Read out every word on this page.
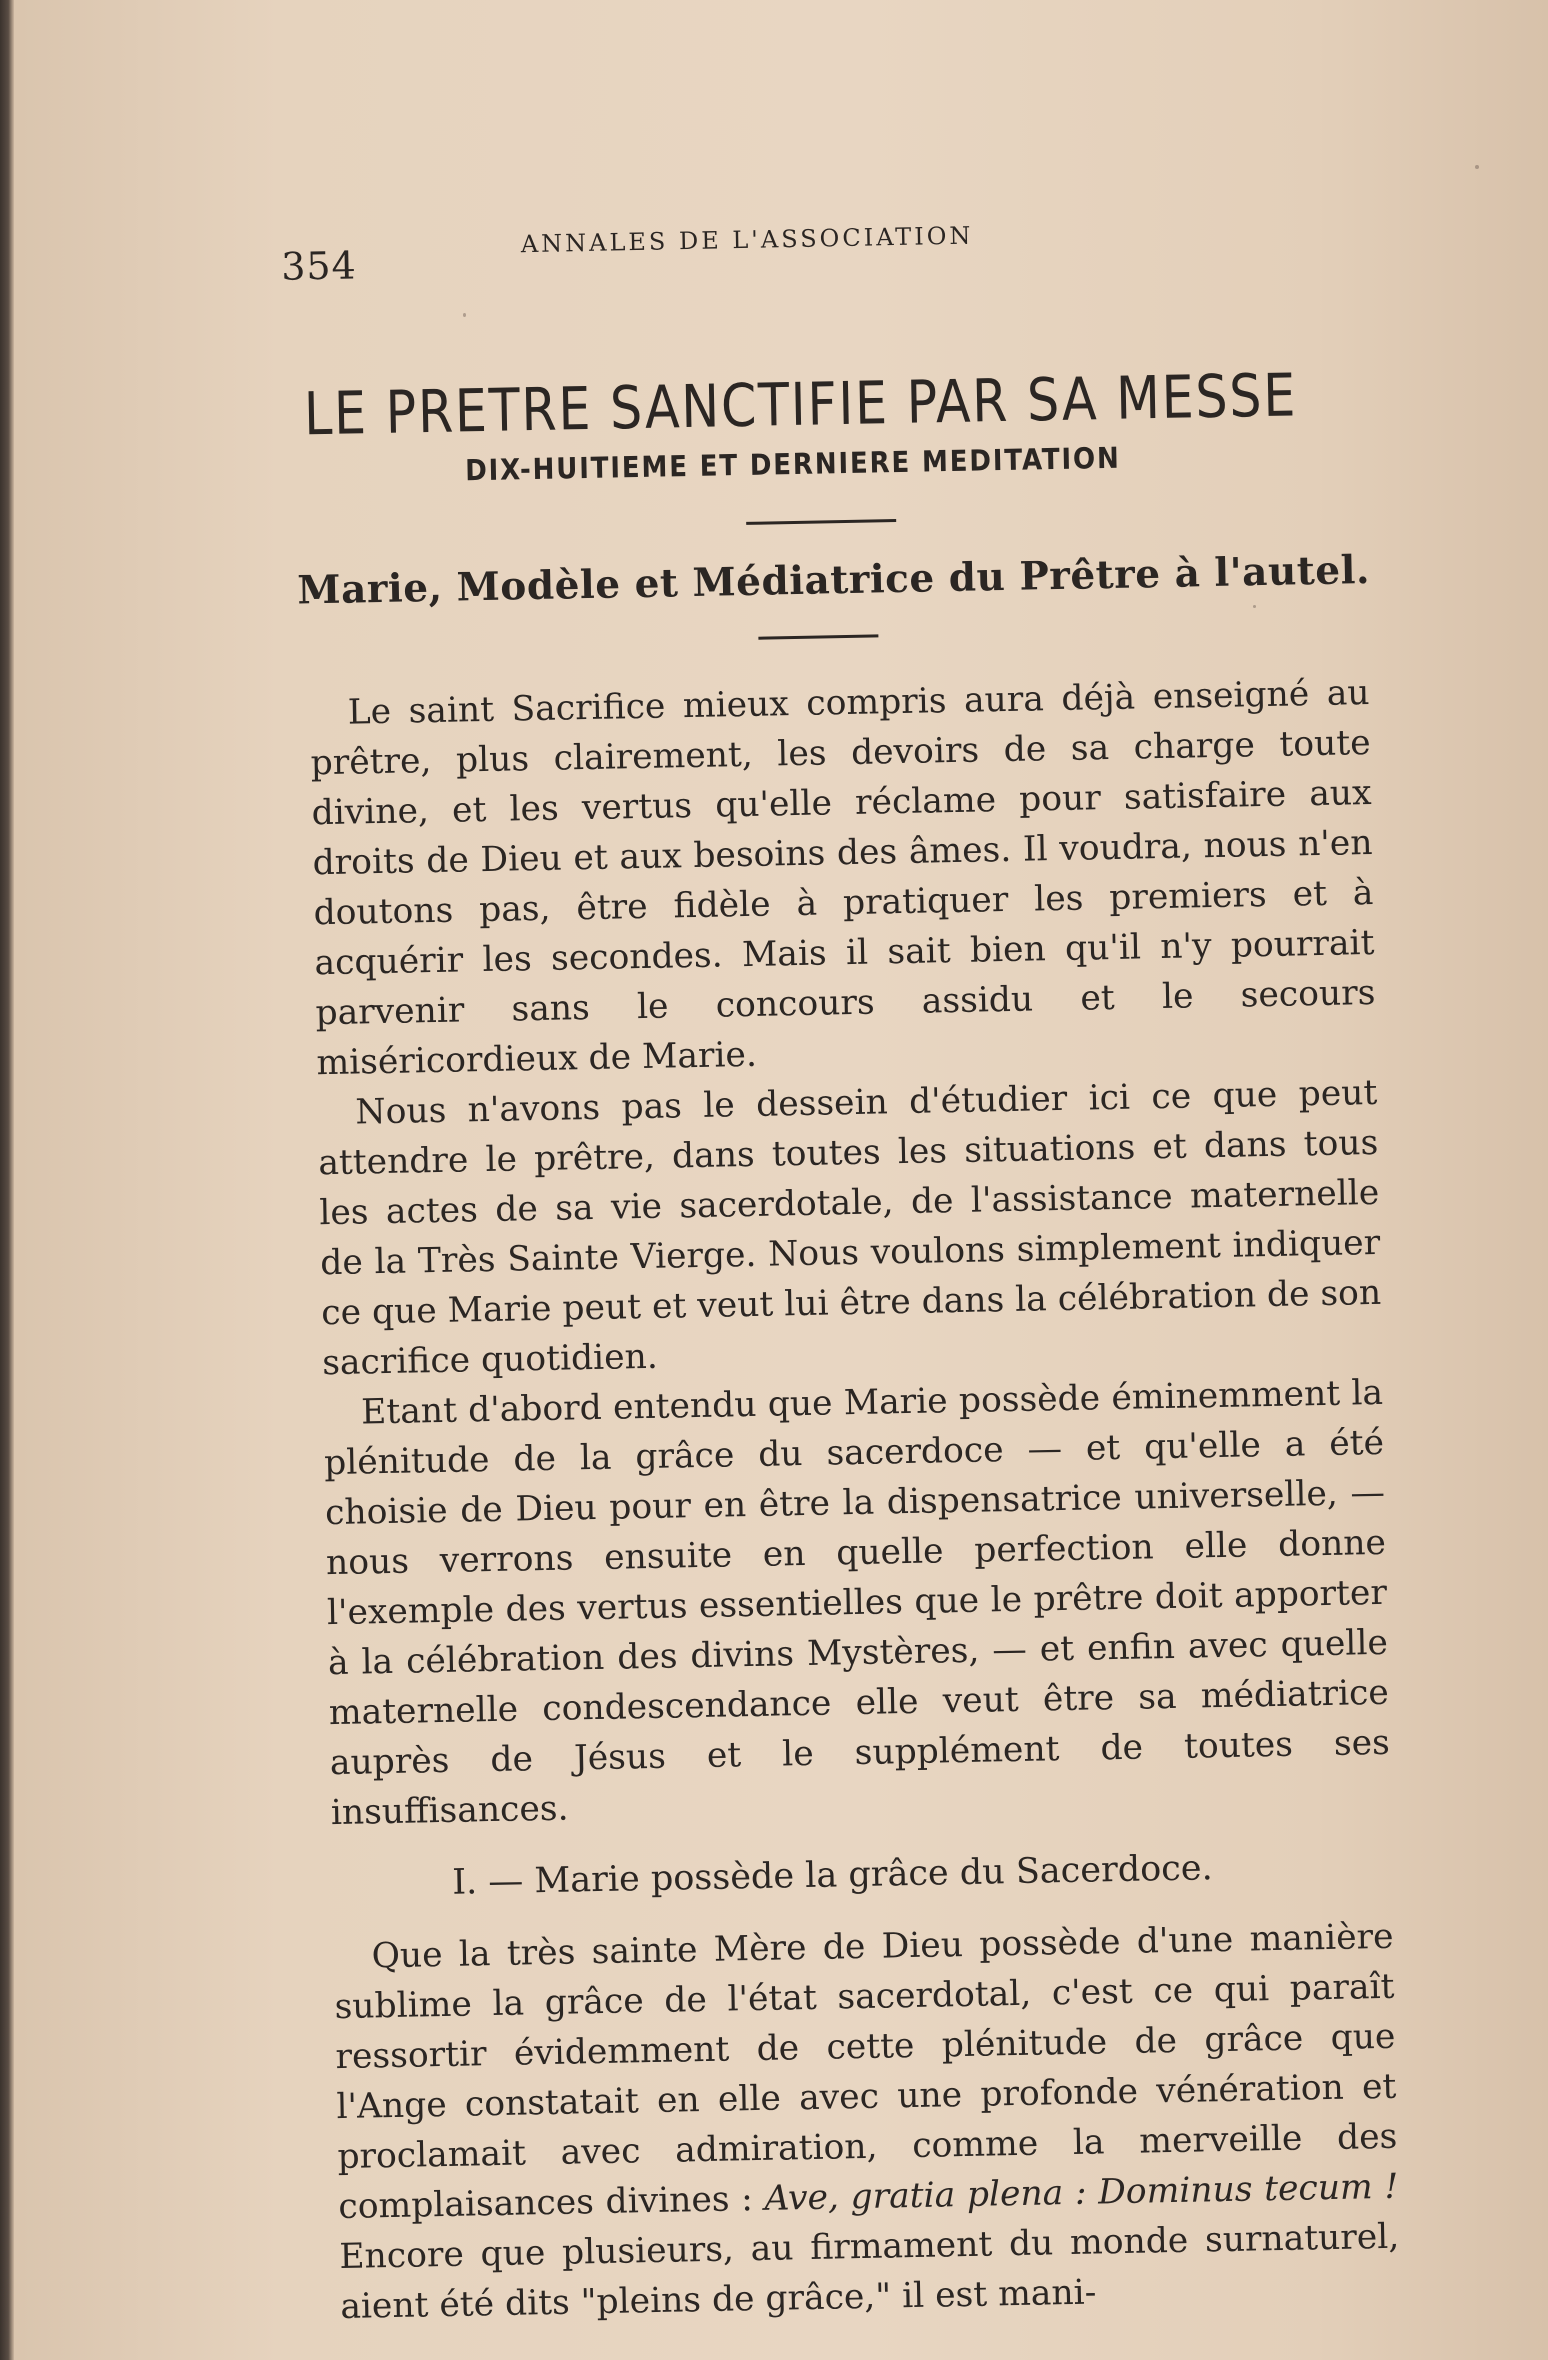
354
ANNALES DE L'ASSOCIATION
LE PRETRE SANCTIFIE PAR SA MESSE
DIX-HUITIEME ET DERNIERE MEDITATION
Marie, Modèle et Médiatrice du Prêtre à l'autel.

Le saint Sacrifice mieux compris aura déjà enseigné au prêtre, plus clairement, les devoirs de sa charge toute divine, et les vertus qu'elle réclame pour satisfaire aux droits de Dieu et aux besoins des âmes. Il voudra, nous n'en doutons pas, être fidèle à pratiquer les premiers et à acquérir les secondes. Mais il sait bien qu'il n'y pourrait parvenir sans le concours assidu et le secours miséricordieux de Marie.

Nous n'avons pas le dessein d'étudier ici ce que peut attendre le prêtre, dans toutes les situations et dans tous les actes de sa vie sacerdotale, de l'assistance maternelle de la Très Sainte Vierge. Nous voulons simplement indiquer ce que Marie peut et veut lui être dans la célébration de son sacrifice quotidien.

Etant d'abord entendu que Marie possède éminemment la plénitude de la grâce du sacerdoce — et qu'elle a été choisie de Dieu pour en être la dispensatrice universelle, — nous verrons ensuite en quelle perfection elle donne l'exemple des vertus essentielles que le prêtre doit apporter à la célébration des divins Mystères, — et enfin avec quelle maternelle condescendance elle veut être sa médiatrice auprès de Jésus et le supplément de toutes ses insuffisances.

I. — Marie possède la grâce du Sacerdoce.

Que la très sainte Mère de Dieu possède d'une manière sublime la grâce de l'état sacerdotal, c'est ce qui paraît ressortir évidemment de cette plénitude de grâce que l'Ange constatait en elle avec une profonde vénération et proclamait avec admiration, comme la merveille des complaisances divines : Ave, gratia plena : Dominus tecum ! Encore que plusieurs, au firmament du monde surnaturel, aient été dits "pleins de grâce," il est mani-
